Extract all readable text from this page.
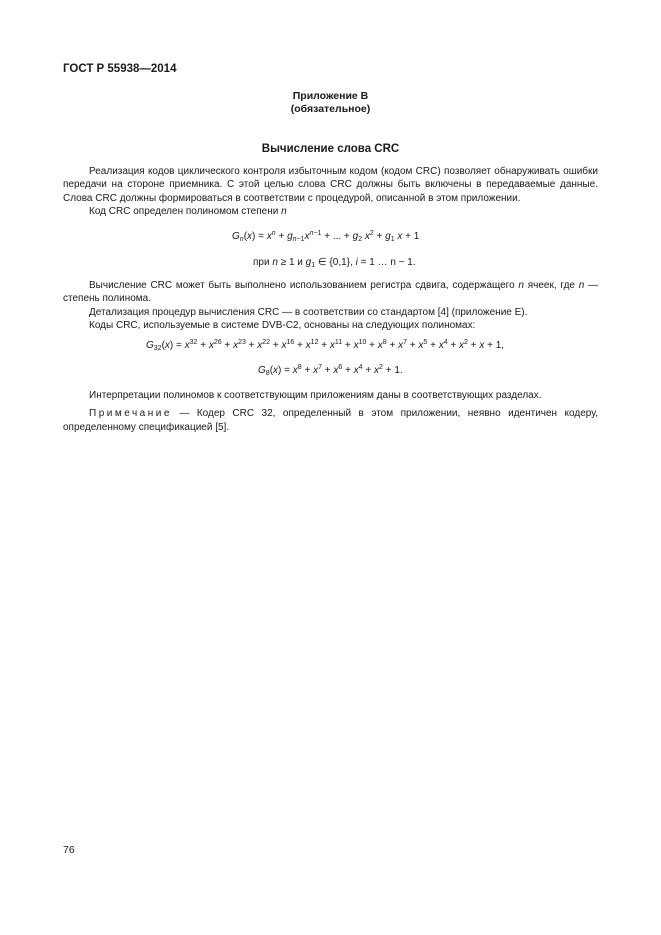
ГОСТ Р 55938—2014
Приложение В
(обязательное)
Вычисление слова CRC

Реализация кодов циклического контроля избыточным кодом (кодом CRC) позволяет обнаруживать ошибки передачи на стороне приемника. С этой целью слова CRC должны быть включены в передаваемые данные. Слова CRC должны формироваться в соответствии с процедурой, описанной в этом приложении.

Код CRC определен полиномом степени n

$G_n(x) = x^n + g_{n-1}x^{n-1}$ + ... + $g_2$ $x^2 + g_1$ x + 1
при n ≥ 1 и $g_1$ ∈ {0,1}, i = 1 … n − 1.

Вычисление CRC может быть выполнено использованием регистра сдвига, содержащего n ячеек, где n — степень полинома.

Детализация процедур вычисления CRC — в соответствии со стандартом [4] (приложение Е).

Коды CRC, используемые в системе DVB-C2, основаны на следующих полиномах:

$G_{32}(x) = x^{32} + x^{26} + x^{23} + x^{22} + x^{16} + x^{12} + x^{11} + x^{10} + x^8 + x^7 + x^5 + x^4 + x^2 + x + 1$,
$G_8(x) = x^8 + x^7 + x^6 + x^4 + x^2 + 1$.

Интерпретации полиномов к соответствующим приложениям даны в соответствующих разделах.

Примечание — Кодер CRC 32, определенный в этом приложении, неявно идентичен кодеру, определенному спецификацией [5].

76
